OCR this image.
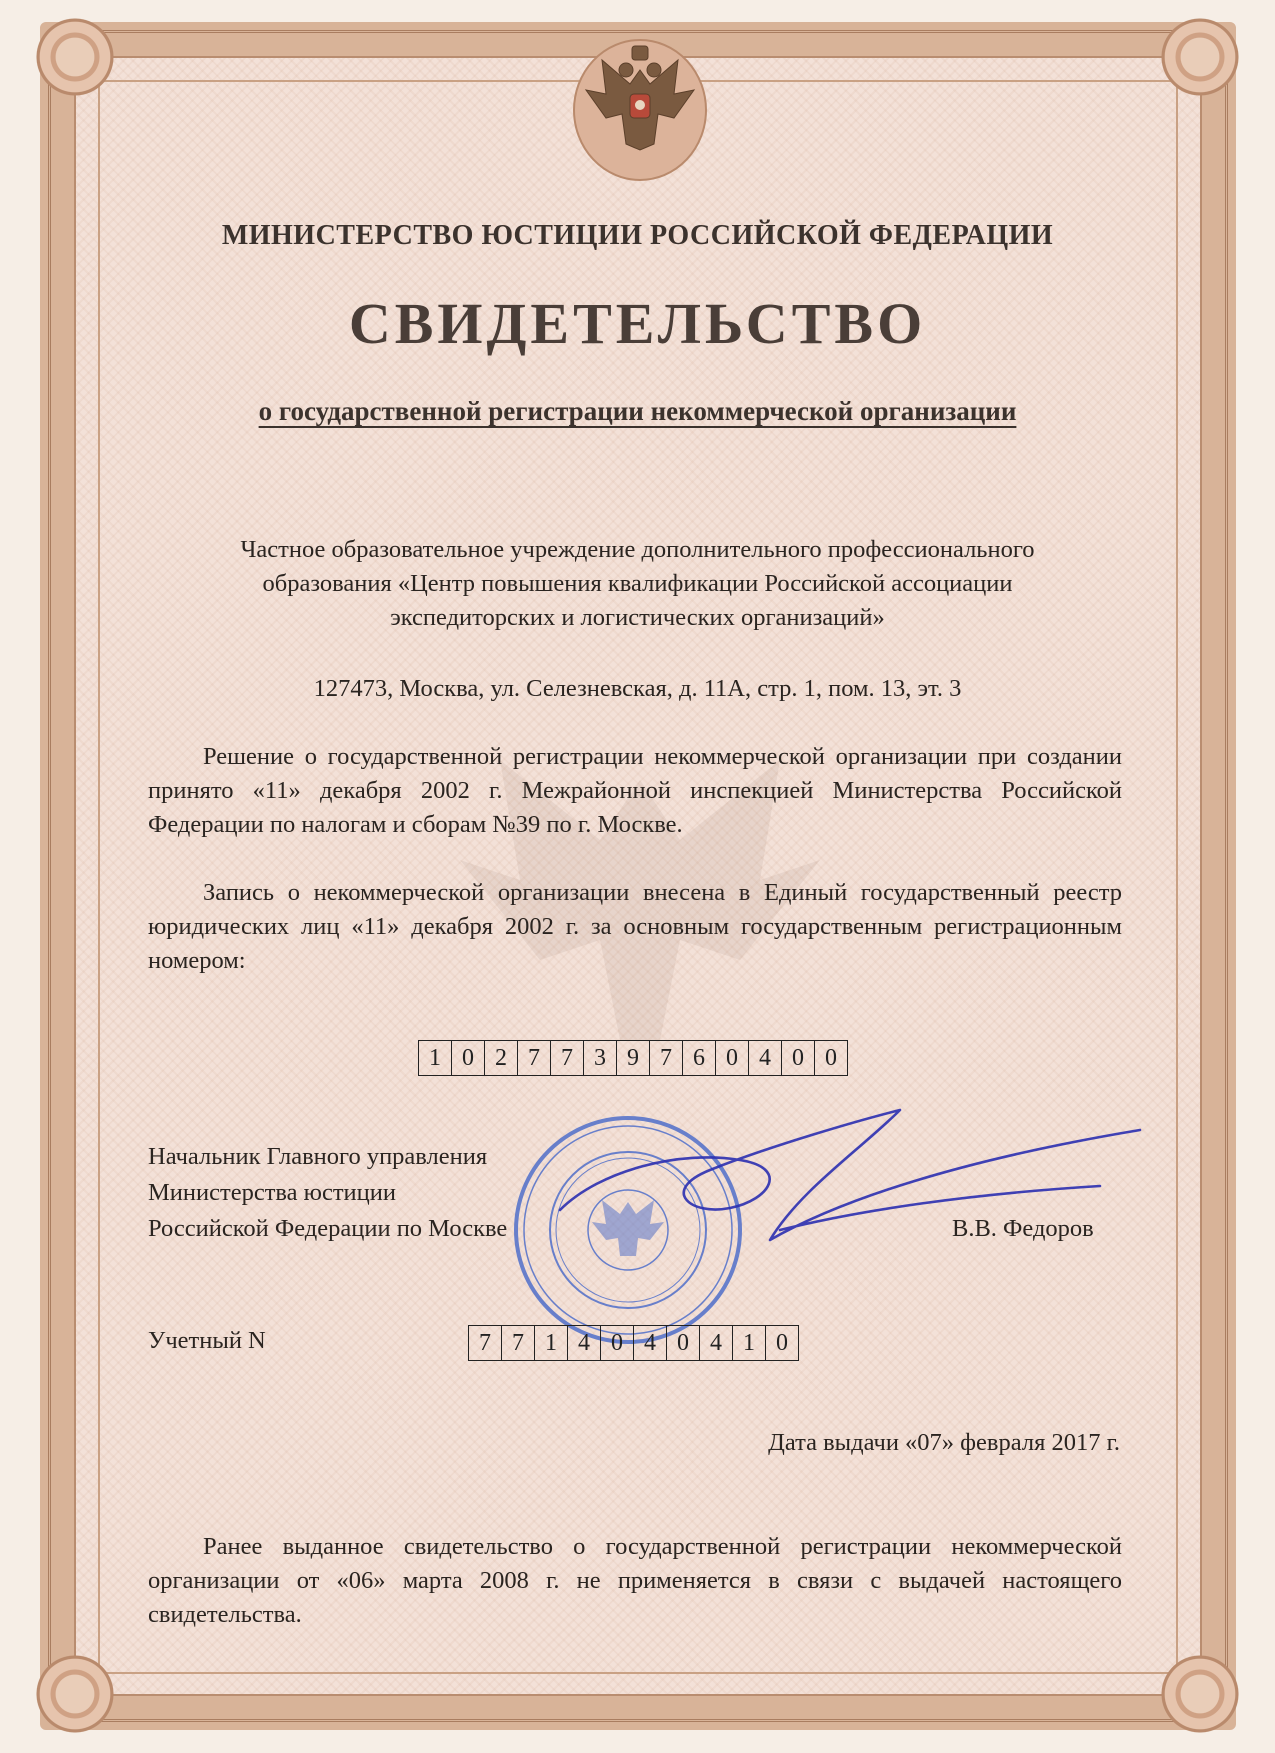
МИНИСТЕРСТВО ЮСТИЦИИ РОССИЙСКОЙ ФЕДЕРАЦИИ
СВИДЕТЕЛЬСТВО
о государственной регистрации некоммерческой организации
Частное образовательное учреждение дополнительного профессионального
образования «Центр повышения квалификации Российской ассоциации
экспедиторских и логистических организаций»
127473, Москва, ул. Селезневская, д. 11А, стр. 1, пом. 13, эт. 3
Решение о государственной регистрации некоммерческой организации при создании принято «11» декабря 2002 г. Межрайонной инспекцией Министерства Российской Федерации по налогам и сборам №39 по г. Москве.
Запись о некоммерческой организации внесена в Единый государственный реестр юридических лиц «11» декабря 2002 г. за основным государственным регистрационным номером:
1 0 2 7 7 3 9 7 6 0 4 0 0
Начальник Главного управления
Министерства юстиции
Российской Федерации по Москве	В.В. Федоров
Учетный N	7 7 1 4 0 4 0 4 1 0
Дата выдачи «07» февраля 2017 г.
Ранее выданное свидетельство о государственной регистрации некоммерческой организации от «06» марта 2008 г. не применяется в связи с выдачей настоящего свидетельства.
